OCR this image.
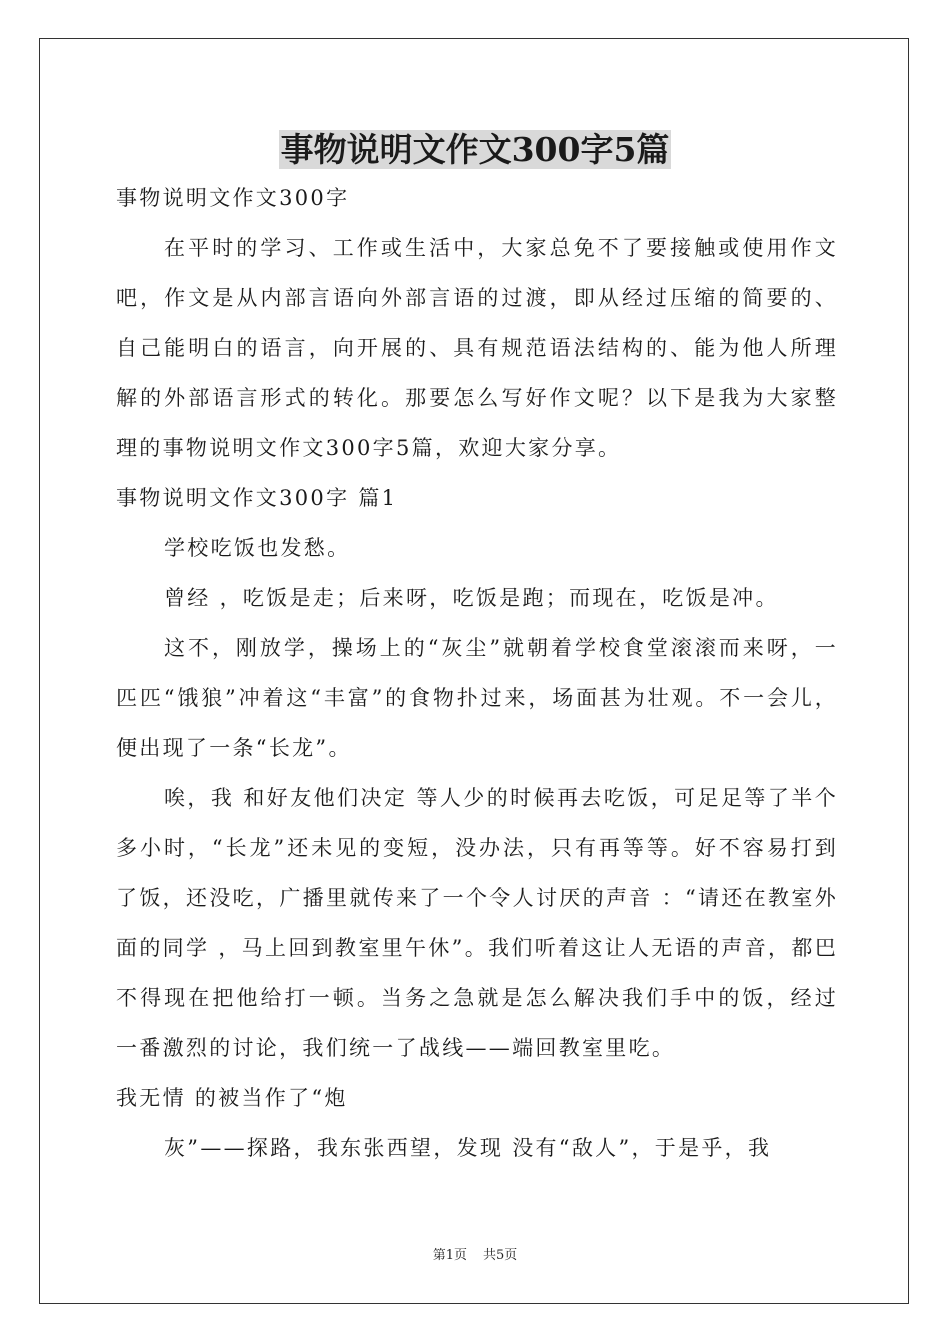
事物说明文作文300字5篇

事物说明文作文300字

在平时的学习、工作或生活中，大家总免不了要接触或使用作文吧，作文是从内部言语向外部言语的过渡，即从经过压缩的简要的、自己能明白的语言，向开展的、具有规范语法结构的、能为他人所理解的外部语言形式的转化。那要怎么写好作文呢？以下是我为大家整理的事物说明文作文300字5篇，欢迎大家分享。

事物说明文作文300字 篇1

学校吃饭也发愁。

曾经 ，吃饭是走；后来呀，吃饭是跑；而现在，吃饭是冲。

这不，刚放学，操场上的“灰尘”就朝着学校食堂滚滚而来呀，一匹匹“饿狼”冲着这“丰富”的食物扑过来，场面甚为壮观。不一会儿，便出现了一条“长龙”。

唉，我 和好友他们决定 等人少的时候再去吃饭，可足足等了半个多小时，“长龙”还未见的变短，没办法，只有再等等。好不容易打到了饭，还没吃，广播里就传来了一个令人讨厌的声音 ：“请还在教室外面的同学 ，马上回到教室里午休”。我们听着这让人无语的声音，都巴不得现在把他给打一顿。当务之急就是怎么解决我们手中的饭，经过一番激烈的讨论，我们统一了战线——端回教室里吃。

我无情 的被当作了“炮

灰”——探路，我东张西望，发现 没有“敌人”，于是乎，我

第1页 共5页
